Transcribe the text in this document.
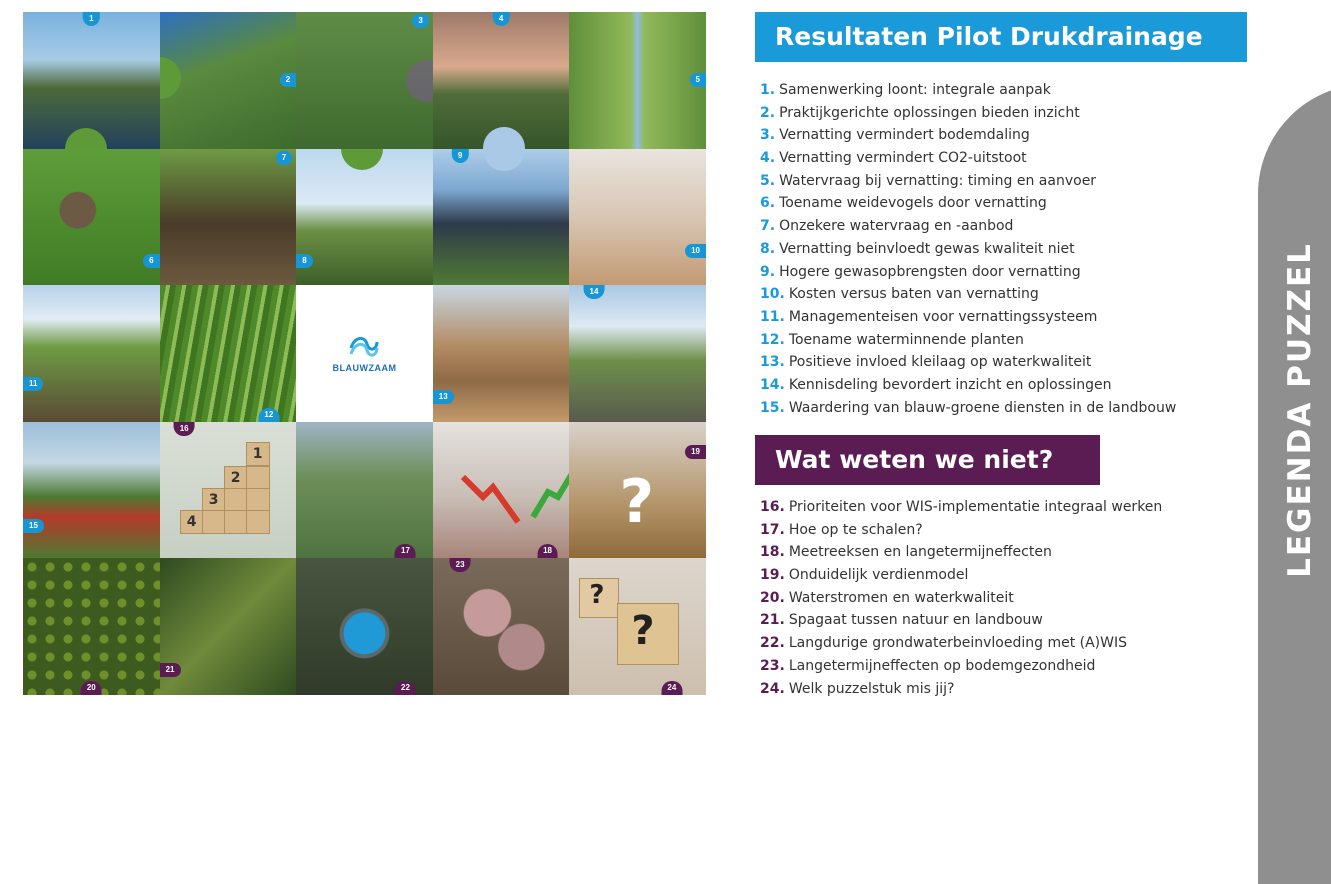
1
2
3	4
5
6
7
8
9
10
11
12
BLAUWZAAM
13
14
15
16
1
2
3
4
17	18
?
19
20
21
22
23
?
?
24
Resultaten Pilot Drukdrainage
1. Samenwerking loont: integrale aanpak
2. Praktijkgerichte oplossingen bieden inzicht
3. Vernatting vermindert bodemdaling
4. Vernatting vermindert CO2-uitstoot
5. Watervraag bij vernatting: timing en aanvoer
6. Toename weidevogels door vernatting
7. Onzekere watervraag en -aanbod
8. Vernatting beinvloedt gewas kwaliteit niet
9. Hogere gewasopbrengsten door vernatting
10. Kosten versus baten van vernatting
11. Managementeisen voor vernattingssysteem
12. Toename waterminnende planten
13. Positieve invloed kleilaag op waterkwaliteit
14. Kennisdeling bevordert inzicht en oplossingen
15. Waardering van blauw-groene diensten in de landbouw
Wat weten we niet?
16. Prioriteiten voor WIS-implementatie integraal werken
17. Hoe op te schalen?
18. Meetreeksen en langetermijneffecten
19. Onduidelijk verdienmodel
20. Waterstromen en waterkwaliteit
21. Spagaat tussen natuur en landbouw
22. Langdurige grondwaterbeinvloeding met (A)WIS
23. Langetermijneffecten op bodemgezondheid
24. Welk puzzelstuk mis jij?
LEGENDA PUZZEL
